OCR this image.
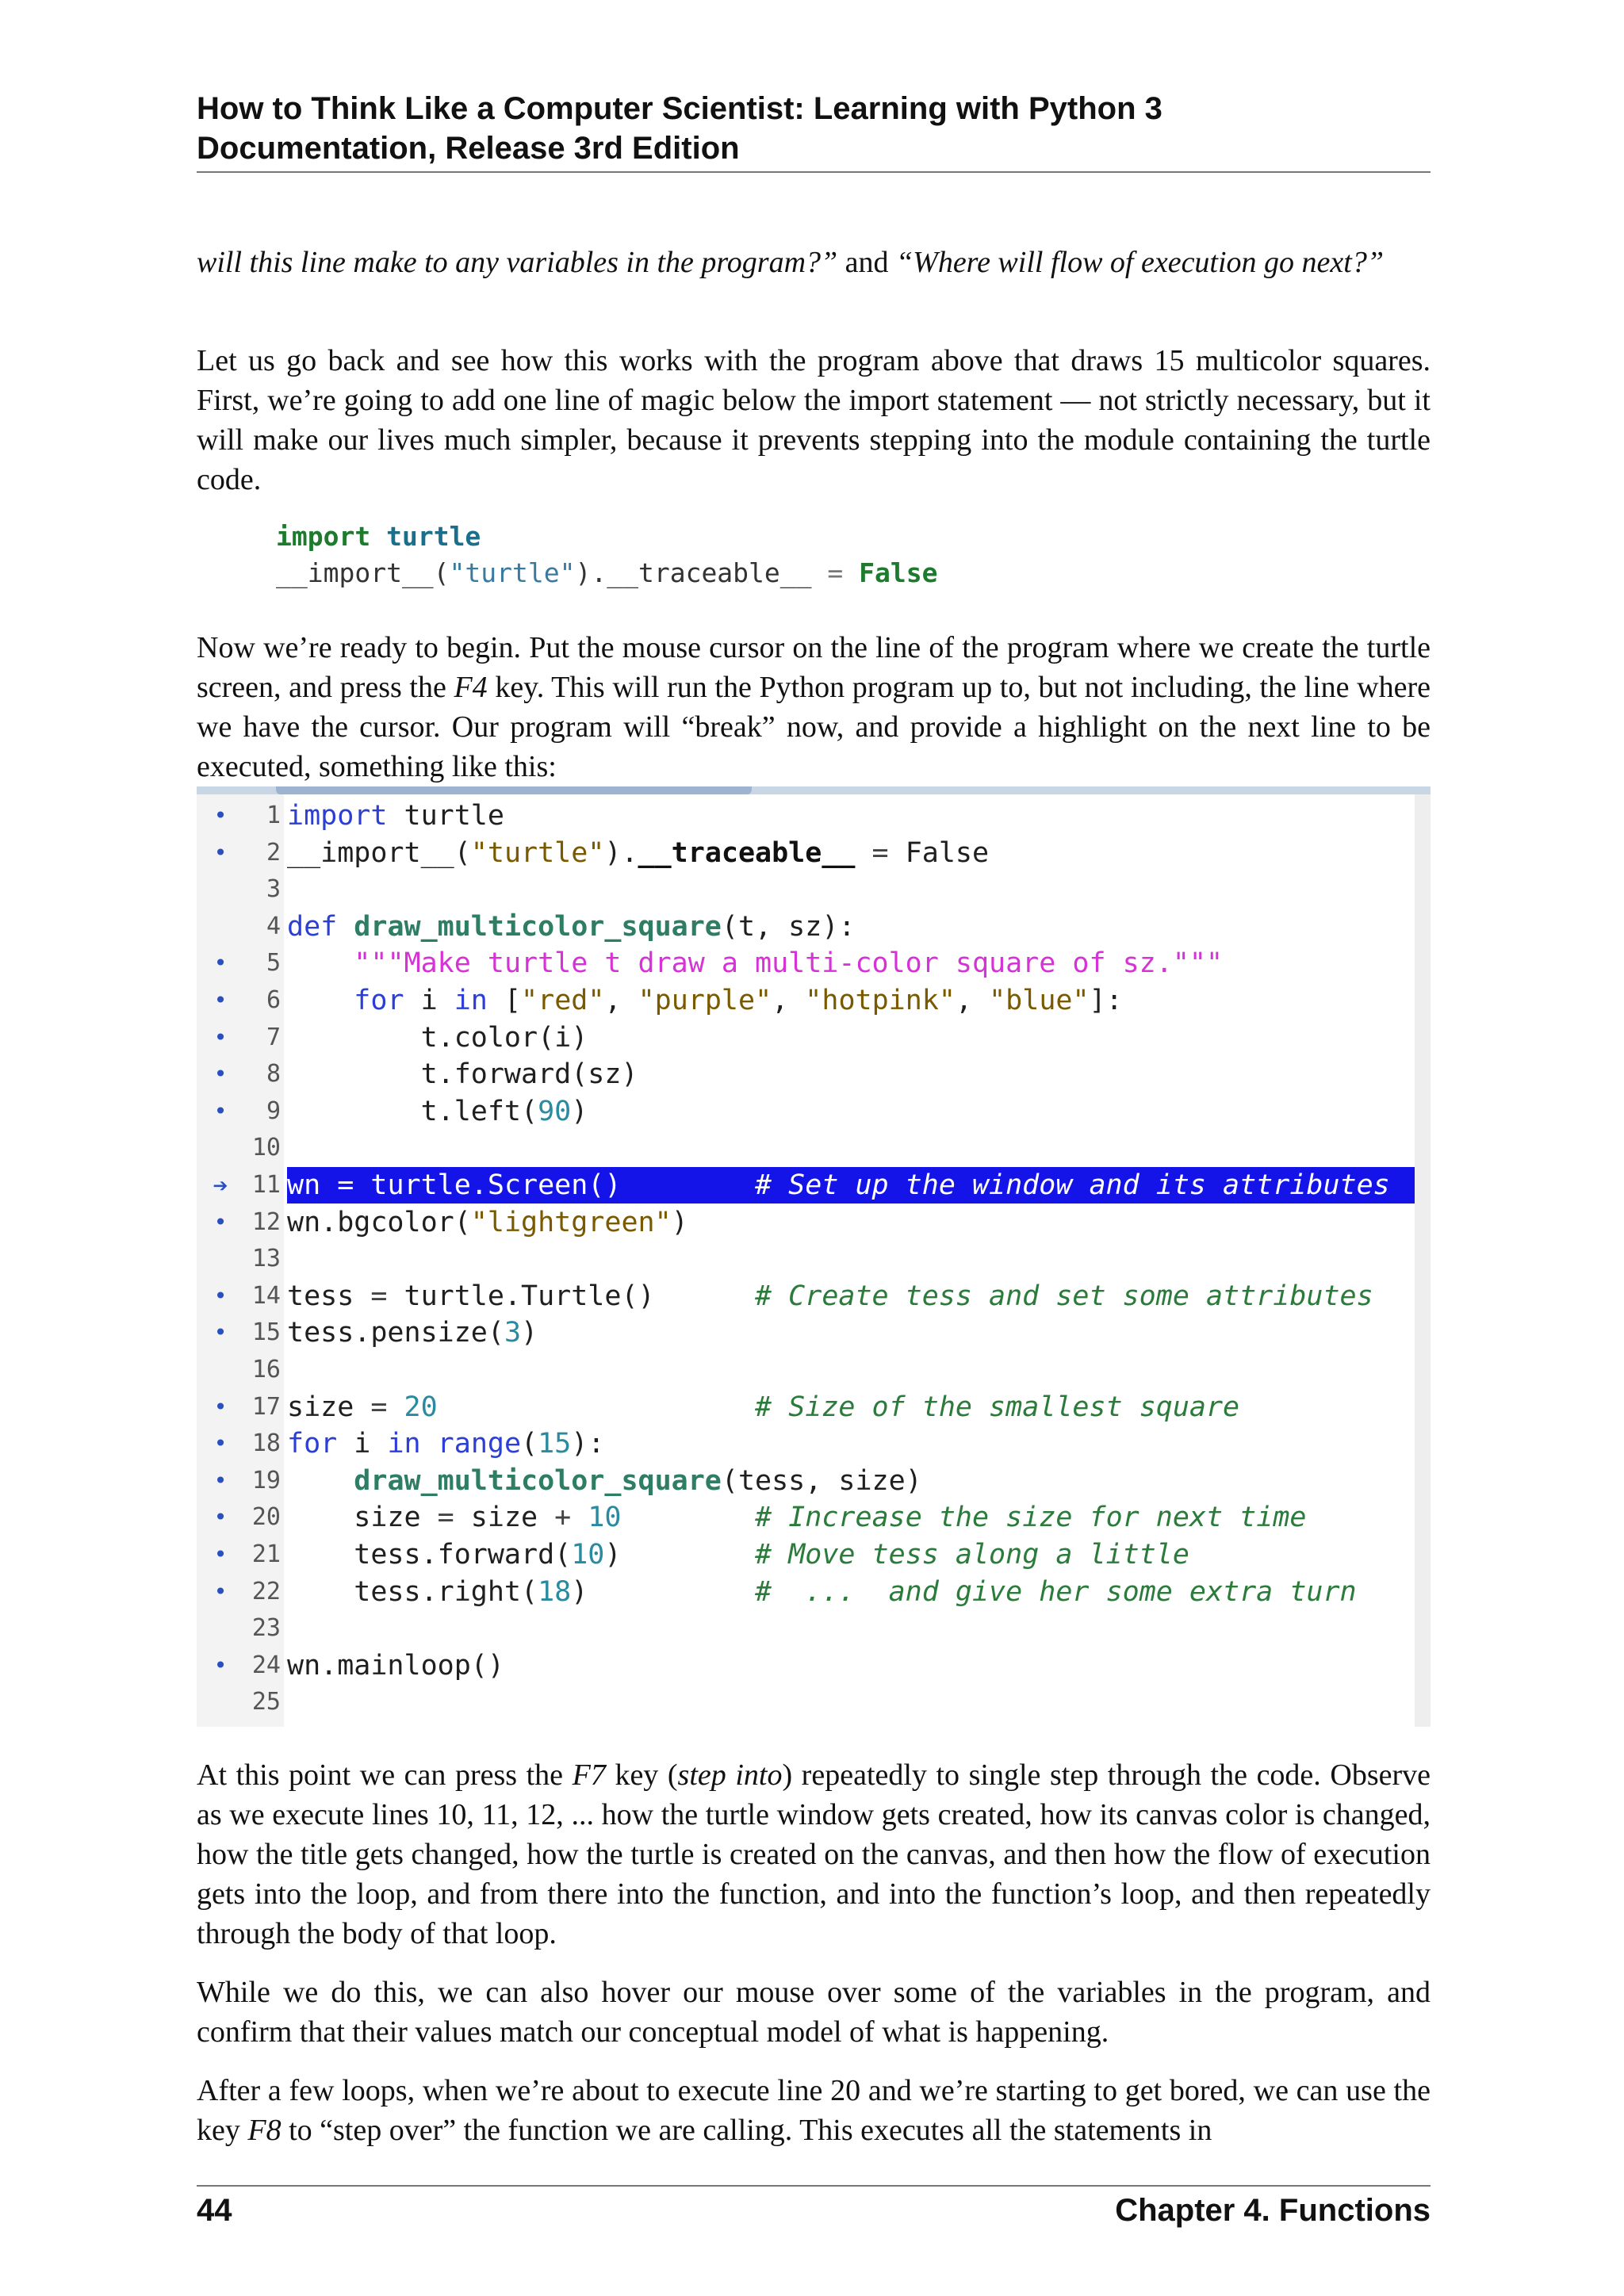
How to Think Like a Computer Scientist: Learning with Python 3
Documentation, Release 3rd Edition

will this line make to any variables in the program?” and “Where will flow of execution go next?”

Let us go back and see how this works with the program above that draws 15 multicolor squares. First, we’re going to add one line of magic below the import statement — not strictly necessary, but it will make our lives much simpler, because it prevents stepping into the module containing the turtle code.

import turtle
__import__("turtle").__traceable__ = False

Now we’re ready to begin. Put the mouse cursor on the line of the program where we create the turtle screen, and press the F4 key. This will run the Python program up to, but not including, the line where we have the cursor. Our program will “break” now, and provide a highlight on the next line to be executed, something like this:

•	1 import turtle
•	2 __import__("turtle").__traceable__ = False
3
4 def draw_multicolor_square(t, sz):
•	5	"""Make turtle t draw a multi-color square of sz."""
•	6	for i in ["red", "purple", "hotpink", "blue"]:
•	7 t.color(i)
•	8 t.forward(sz)
•	9 t.left(90)
10
➔	11 wn = turtle.Screen()        # Set up the window and its attributes
•	12 wn.bgcolor("lightgreen")
13
•	14 tess = turtle.Turtle()      # Create tess and set some attributes
•	15 tess.pensize(3)
16
•	17 size = 20	# Size of the smallest square
•	18 for i in range(15):
•	19	draw_multicolor_square(tess, size)
•	20 size = size + 10	# Increase the size for next time
•	21 tess.forward(10)        # Move tess along a little
•	22 tess.right(18)          #  ...  and give her some extra turn
23
•	24 wn.mainloop()
25

At this point we can press the F7 key (step into) repeatedly to single step through the code. Observe as we execute lines 10, 11, 12, ... how the turtle window gets created, how its canvas color is changed, how the title gets changed, how the turtle is created on the canvas, and then how the flow of execution gets into the loop, and from there into the function, and into the function’s loop, and then repeatedly through the body of that loop.

While we do this, we can also hover our mouse over some of the variables in the program, and confirm that their values match our conceptual model of what is happening.

After a few loops, when we’re about to execute line 20 and we’re starting to get bored, we can use the key F8 to “step over” the function we are calling. This executes all the statements in

44	Chapter 4. Functions
